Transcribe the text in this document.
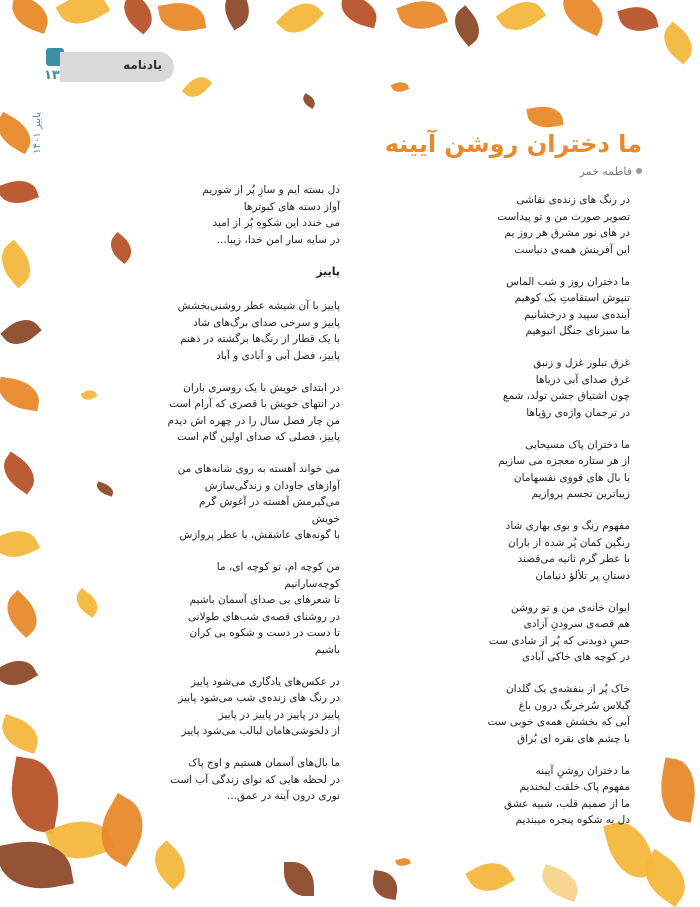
۱۳
پاییز ۱۴۰۱
یادنامه
ما دختران روشن آیینه
فاطمه خمر
در رنگ های زنده‌ی نقاشی
تصویر صورت من و تو پیداست
در های نور مشرق هر روز یم
این آفرینش همه‌ی دنیاست
ما دختران روز و شب الماس
تنپوش استقامتِ یک کوهیم
آینده‌ی سپید و درخشانیم
ما سبزنای جنگل انبوهیم
غرق تبلور غزل و زنبق
غرق صدای آبی دریاها
چون اشتیاق جشن تولد، شمع
در ترجمان واژه‌ی رؤیاها
ما دختران پاک مسیحایی
از هر ستاره معجزه می سازیم
با بال های قووی نفسهامان
زیباترین تجسم پروازیم
مفهوم رنگ و بوی بهاری شاد
رنگین کمان پُر شده از باران
با عطر گرم ثانیه می‌قصند
دستانِ پر تلألؤ دنیامان
ایوان خانه‌ی من و تو روشن
هم قصه‌ی سرودنِ آزادی
حسِ دویدنی که پُر از شادی ست
در کوچه های خاکی آبادی
خاک پُر از بنفشه‌ی یک گلدان
گیلاس سُرخرنگ درون باغ
آبی که بخشش همه‌ی خوبی ست
با چشم های نقره ای بُراق
ما دختران روشنِ آیینه
مفهوم پاک خلقت لبخندیم
ما از صمیم قلب، شبیه عشق
دل به شکوه پنجره میبندیم
دل بسته ایم و سازِ پُر از شوریم
آواز دسته های کبوترها
می خندد این شکوهِ پُر از امید
در سایه سار امن خدا، زیبا...
پاییز
پاییز با آن شیشه عطر روشنی‌بخشش
پاییز و سرخی صدای برگ‌های شاد
با یک قطار از رنگ‌ها برگشته در ذهنم
پاییز، فصل آبی و آبادی و آباد
در ابتدای خویش با یک روسری باران
در انتهای خویش با قصری که آرام است
من چار فصل سال را در چهره اش دیدم
پاییز، فصلی که صدای اولین گام است
می خواند آهسته به روی شانه‌های من
آوازهای جاودان و زندگی‌سازش
می‌گیرمش آهسته در آغوش گرم
خویش
با گونه‌های عاشقش، با عطر پروازش
من کوچه ام، تو کوچه ای، ما
کوچه‌سارانیم
تا شعرهای بی صدای آسمان باشیم
در روشنای قصه‌ی شب‌های طولانی
تا دست در دست و شکوه بی کران
باشیم
در عکس‌های یادگاری می‌شود پاییز
در رنگ های زنده‌ی شب می‌شود پاییز
پاییز در پاییز در پاییز در پاییز
از دلخوشی‌هامان لبالب می‌شود پاییز
ما بال‌های آسمان هستیم و اوج پاک
در لحظه هایی که نوای زندگی آب است
نوری درون آینه در عمق...
